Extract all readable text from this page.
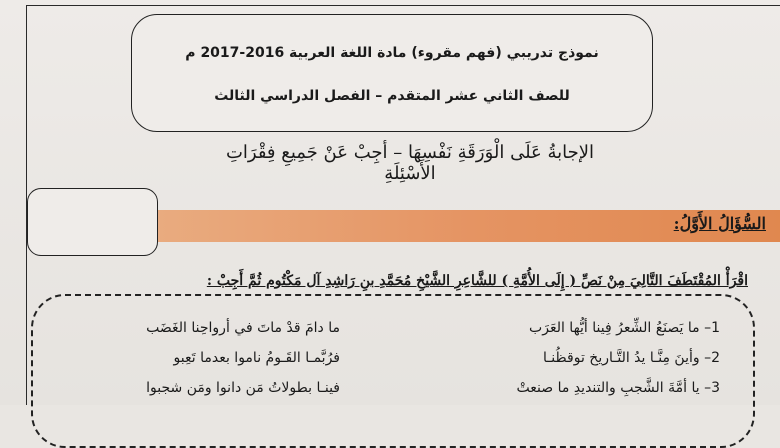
نموذج تدريبي (فهم مقروء) مادة اللغة العربية 2016-2017 م
للصف الثاني عشر المتقدم – الفصل الدراسي الثالث
الإجابةُ عَلَى الْوَرَقَةِ نَفْسِهَا – أجِبْ عَنْ جَمِيعِ فِقْرَاتِ الأَسْئِلَةِ
السُّؤَالُ الأَوَّلُ:
اقْرَأْ المُقْتَطَفَ التَّالِيَ مِنْ نَصِّ ( إِلَى الأُمَّةِ ) للشَّاعِرِ الشَّيْخِ مُحَمَّدِ بنِ رَاشِدِ آل مَكْتُوم ثُمَّ أَجِبْ :
1– ما يَصنَعُ الشِّعرُ فِينا أيُّها العَرَب
ما دامَ قدْ ماتَ في أرواحِنا الغَضَب
2– وأينَ مِنَّـا يدُ التَّـاريخ توقظُنـا
فرُبَّمـا القَـومُ ناموا بعدما تَعِبو
3– يا أمَّةَ الشَّجبِ والتنديدِ ما صنعتْ
فينـا بطولاتُ مَن دانوا ومَن شجبوا
